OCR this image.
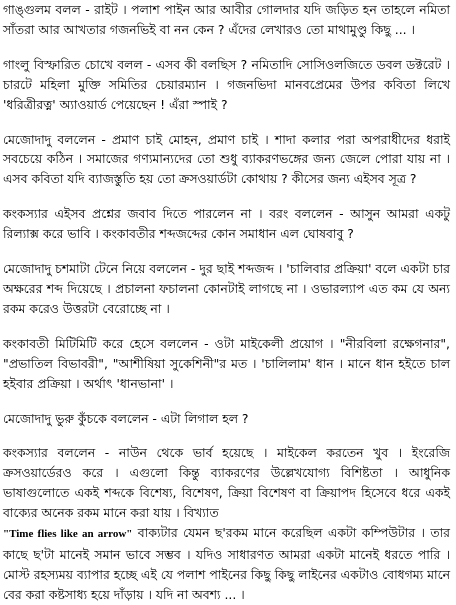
গাঙ্গুলম বলল - রাইট । পলাশ পাইন আর আবীর গোলদার যদি জড়িত হন তাহলে নমিতা সাঁতরা আর আখতার গজনভিই বা নন কেন ? এঁদের লেখারও তো মাথামুণ্ডু কিছু ... ।

গাংলু বিস্ফারিত চোখে বলল - এসব কী বলছিস ? নমিতাদি সোসিওলজিতে ডবল ডক্টরেট । চারটে মহিলা মুক্তি সমিতির চেয়ারম্যান । গজনভিদা মানবপ্রেমের উপর কবিতা লিখে 'ধরিত্রীরত্ন' অ্যাওয়ার্ড পেয়েছেন ! এঁরা স্পাই ?

মেজোদাদু বললেন - প্রমাণ চাই মোহন, প্রমাণ চাই । শাদা কলার পরা অপরাধীদের ধরাই সবচেয়ে কঠিন । সমাজের গণ্যমান্যদের তো শুধু ব্যাকরণভঙ্গের জন্য জেলে পোরা যায় না । এসব কবিতা যদি ব্যাজস্তুতি হয় তো ক্রসওয়ার্ডটা কোথায় ? কীসের জন্য এইসব সূত্র ?

কংকস্যার এইসব প্রশ্নের জবাব দিতে পারলেন না । বরং বললেন - আসুন আমরা একটু রিল্যাক্স করে ভাবি । কংকাবতীর শব্দজব্দের কোন সমাধান এল ঘোষবাবু ?

মেজোদাদু চশমাটা টেনে নিয়ে বললেন - দুর ছাই শব্দজব্দ । 'চালিবার প্রক্রিয়া' বলে একটা চার অক্ষরের শব্দ দিয়েছে । প্রচালনা ফচালনা কোনটাই লাগছে না । ওভারল্যাপ এত কম যে অন্য রকম করেও উত্তরটা বেরোচ্ছে না ।

কংকাবতী মিটিমিটি করে হেসে বললেন - ওটা মাইকেলী প্রয়োগ । "নীরবিলা রক্ষেগনার", "প্রভাতিল বিভাবরী", "আশীষিয়া সুকেশিনী"র মত । 'চালিলাম' ধান । মানে ধান হইতে চাল হইবার প্রক্রিয়া । অর্থাৎ 'ধানভানা' ।

মেজোদাদু ভুরু কুঁচকে বললেন - এটা লিগাল হল ?

কংকস্যার বললেন - নাউন থেকে ভার্ব হয়েছে । মাইকেল করতেন খুব । ইংরেজি ক্রসওয়ার্ডেরও করে । এগুলো কিন্তু ব্যাকরণের উল্লেখযোগ্য বিশিষ্টতা । আধুনিক ভাষাগুলোতে একই শব্দকে বিশেষ্য, বিশেষণ, ক্রিয়া বিশেষণ বা ক্রিয়াপদ হিসেবে ধরে একই বাক্যের অনেক রকম মানে করা যায় । বিখ্যাত

"Time flies like an arrow" বাক্যটার যেমন ছ'রকম মানে করেছিল একটা কম্পিউটার । তার কাছে ছ'টা মানেই সমান ভাবে সম্ভব । যদিও সাধারণত আমরা একটা মানেই ধরতে পারি । মোস্ট রহস্যময় ব্যাপার হচ্ছে এই যে পলাশ পাইনের কিছু কিছু লাইনের একটাও বোধগম্য মানে বের করা কষ্টসাধ্য হয়ে দাঁড়ায় । যদি না অবশ্য ... ।
